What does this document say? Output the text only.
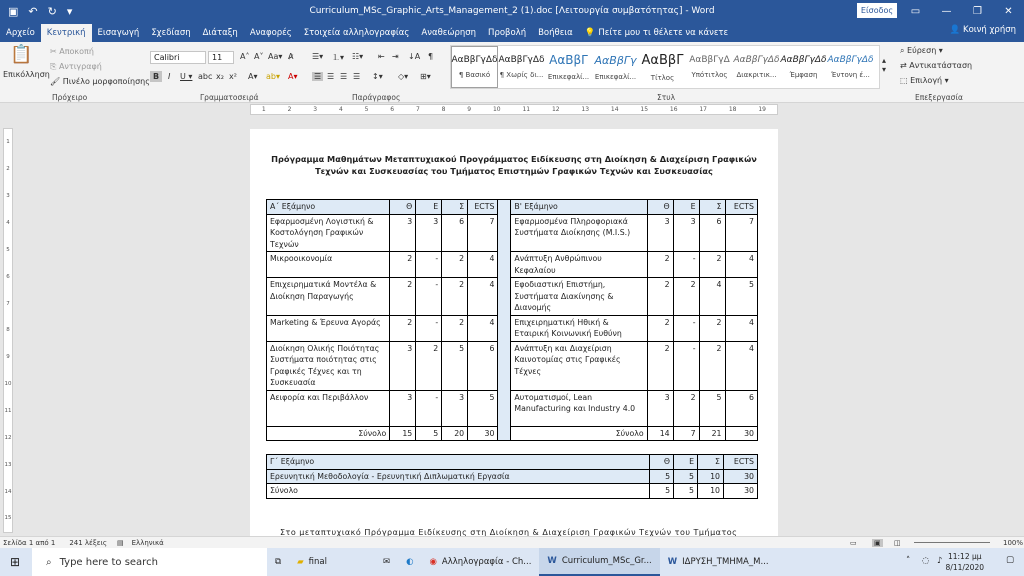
▣ ↶ ↻ ▾	Curriculum_MSc_Graphic_Arts_Management_2 (1).doc [Λειτουργία συμβατότητας] - Word	Είσοδος	▭	—	❐	✕
Αρχείο	Κεντρική	Εισαγωγή	Σχεδίαση	Διάταξη	Αναφορές	Στοιχεία αλληλογραφίας	Αναθεώρηση	Προβολή	Βοήθεια	💡 Πείτε μου τι θέλετε να κάνετε	👤 Κοινή χρήση
📋
Επικόλληση
✂ Αποκοπή
⎘ Αντιγραφή
🖌 Πινέλο μορφοποίησης
Calibri	11	A˄ A˅ Aa▾ A̷
B	I U ▾ abc x₂ x² A▾ ab▾ A▾
☰▾ ⒈▾ ☷▾ ⇤ ⇥ ↓A ¶
☰ ☰ ☰ ☰ ↕▾ ◇▾ ⊞▾
ΑαΒβΓγΔδ
¶ Βασικό
ΑαΒβΓγΔδ
¶ Χωρίς δι...
ΑαΒβΓ
Επικεφαλί...
ΑαΒβΓγ
Επικεφαλί...
ΑαΒβΓ
Τίτλος
ΑαΒβΓγΔ
Υπότιτλος
ΑαΒβΓγΔδ
Διακριτικ...
ΑαΒβΓγΔδ
Έμφαση
ΑαΒβΓγΔδ
Έντονη έ...
▴
▾
⌕ Εύρεση ▾
⇄ Αντικατάσταση
⬚ Επιλογή ▾
Πρόχειρο	Γραμματοσειρά	Παράγραφος	Στυλ	Επεξεργασία
1	2	3	4	5	6	7	8	9	10	11	12	13	14	15	16	17	18	19
1
2
3
4
5
6
7
8
9
10
11
12
13
14
15
Πρόγραμμα Μαθημάτων Μεταπτυχιακού Προγράμματος Ειδίκευσης στη Διοίκηση & Διαχείριση Γραφικών
Τεχνών και Συσκευασίας του Τμήματος Επιστημών Γραφικών Τεχνών και Συσκευασίας
Α΄ Εξάμηνο	Θ	Ε	Σ	ECTS		Β' Εξάμηνο	Θ	Ε	Σ	ECTS
Εφαρμοσμένη Λογιστική & Κοστολόγηση Γραφικών Τεχνών	3	3	6	7		Εφαρμοσμένα Πληροφοριακά Συστήματα Διοίκησης (M.I.S.)	3	3	6	7
Μικροοικονομία	2	-	2	4		Ανάπτυξη Ανθρώπινου Κεφαλαίου	2	-	2	4
Επιχειρηματικά Μοντέλα & Διοίκηση Παραγωγής	2	-	2	4		Εφοδιαστική Επιστήμη, Συστήματα Διακίνησης & Διανομής	2	2	4	5
Marketing & Έρευνα Αγοράς	2	-	2	4		Επιχειρηματική Ηθική & Εταιρική Κοινωνική Ευθύνη	2	-	2	4
Διοίκηση Ολικής Ποιότητας Συστήματα ποιότητας στις Γραφικές Τέχνες και τη Συσκευασία	3	2	5	6		Ανάπτυξη και Διαχείριση Καινοτομίας στις Γραφικές Τέχνες	2	-	2	4
Αειφορία και Περιβάλλον	3	-	3	5		Αυτοματισμοί, Lean Manufacturing και Industry 4.0	3	2	5	6
Σύνολο	15	5	20	30		Σύνολο	14	7	21	30
Γ΄ Εξάμηνο	Θ	Ε	Σ	ECTS
Ερευνητική Μεθοδολογία - Ερευνητική Διπλωματική Εργασία	5	5	10	30
Σύνολο	5	5	10	30
Στο μεταπτυχιακό Πρόγραμμα Ειδίκευσης στη Διοίκηση & Διαχείριση Γραφικών Τεχνών του Τμήματος
Σελίδα 1 από 1 241 λέξεις ▤ Ελληνικά	▭ ▣ ◫	100%
⊞	⌕ Type here to search	⧉	▰ final	✉	◐	◉ Αλληλογραφία - Ch... W Curriculum_MSc_Gr... W ΙΔΡΥΣΗ_ΤΜΗΜΑ_Μ...	˄ ◌ ♪ 11:12 μμ
8/11/2020
▢
